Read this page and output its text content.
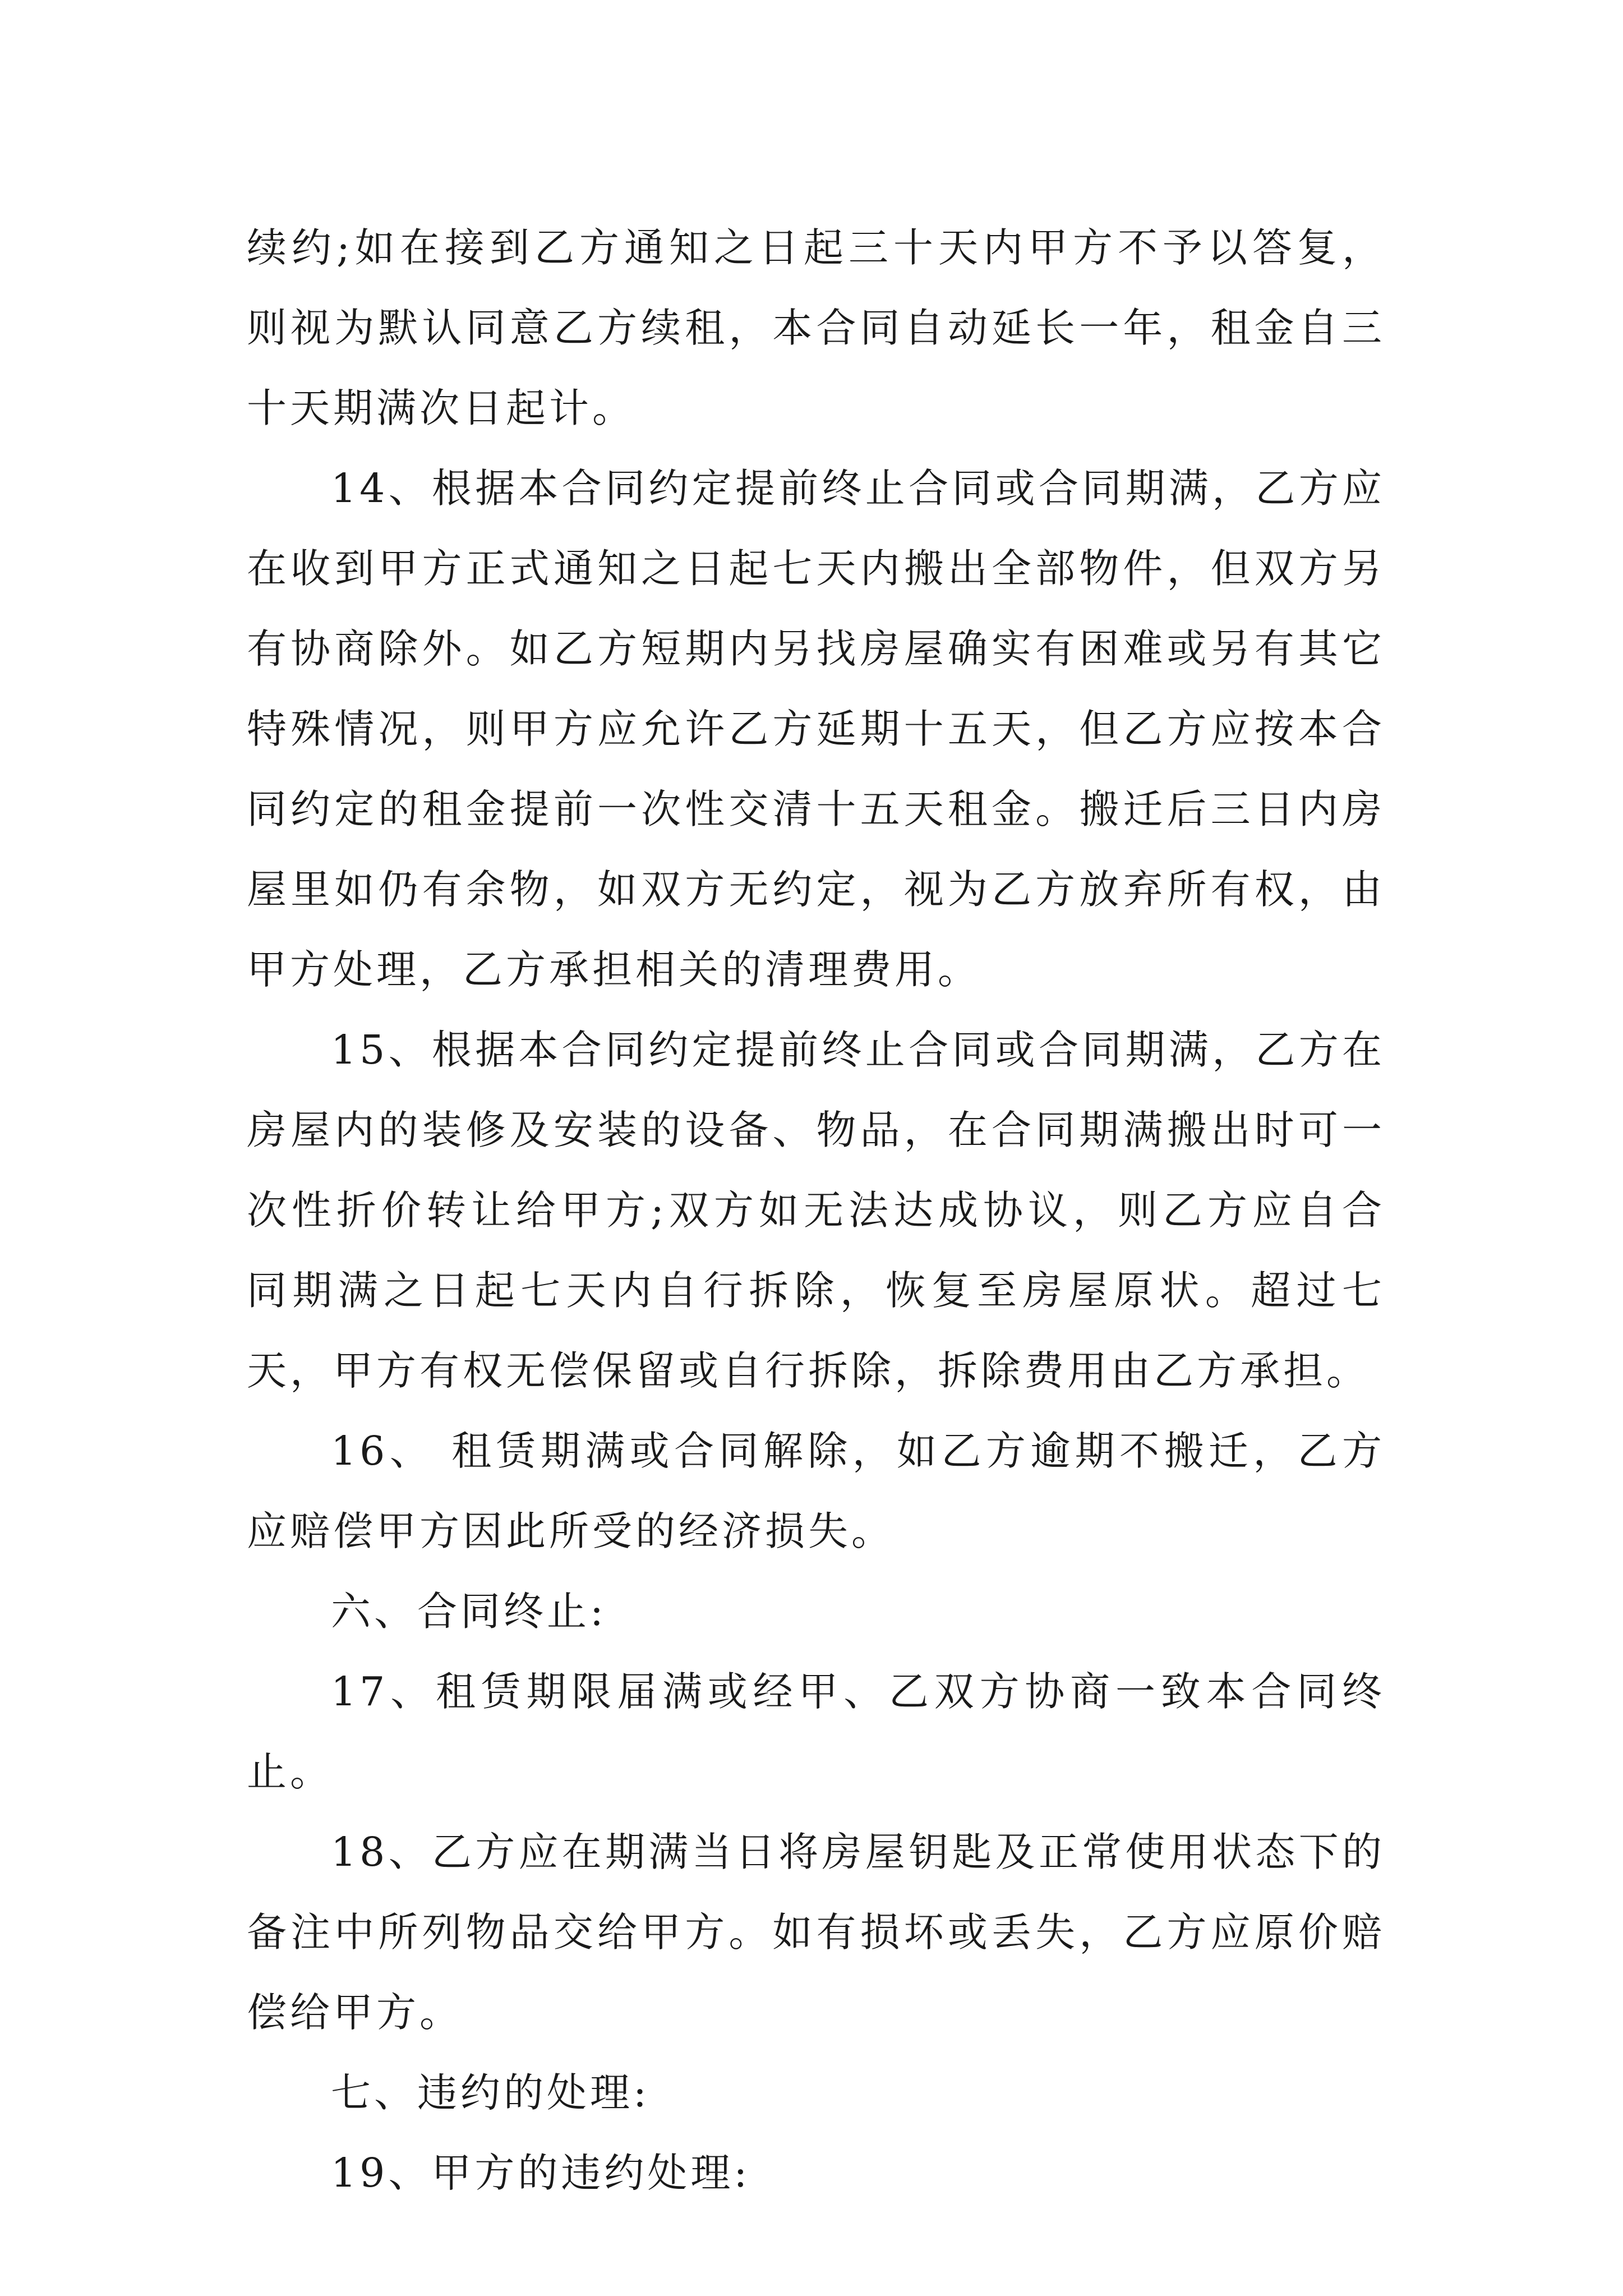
续约;如在接到乙方通知之日起三十天内甲方不予以答复，则视为默认同意乙方续租，本合同自动延长一年，租金自三十天期满次日起计。

14、根据本合同约定提前终止合同或合同期满，乙方应在收到甲方正式通知之日起七天内搬出全部物件，但双方另有协商除外。如乙方短期内另找房屋确实有困难或另有其它特殊情况，则甲方应允许乙方延期十五天，但乙方应按本合同约定的租金提前一次性交清十五天租金。搬迁后三日内房屋里如仍有余物，如双方无约定，视为乙方放弃所有权，由甲方处理，乙方承担相关的清理费用。

15、根据本合同约定提前终止合同或合同期满，乙方在房屋内的装修及安装的设备、物品，在合同期满搬出时可一次性折价转让给甲方;双方如无法达成协议，则乙方应自合同期满之日起七天内自行拆除，恢复至房屋原状。超过七天，甲方有权无偿保留或自行拆除，拆除费用由乙方承担。

16、 租赁期满或合同解除，如乙方逾期不搬迁，乙方应赔偿甲方因此所受的经济损失。

六、合同终止:

17、租赁期限届满或经甲、乙双方协商一致本合同终止。

18、乙方应在期满当日将房屋钥匙及正常使用状态下的备注中所列物品交给甲方。如有损坏或丢失，乙方应原价赔偿给甲方。

七、违约的处理:

19、甲方的违约处理:
